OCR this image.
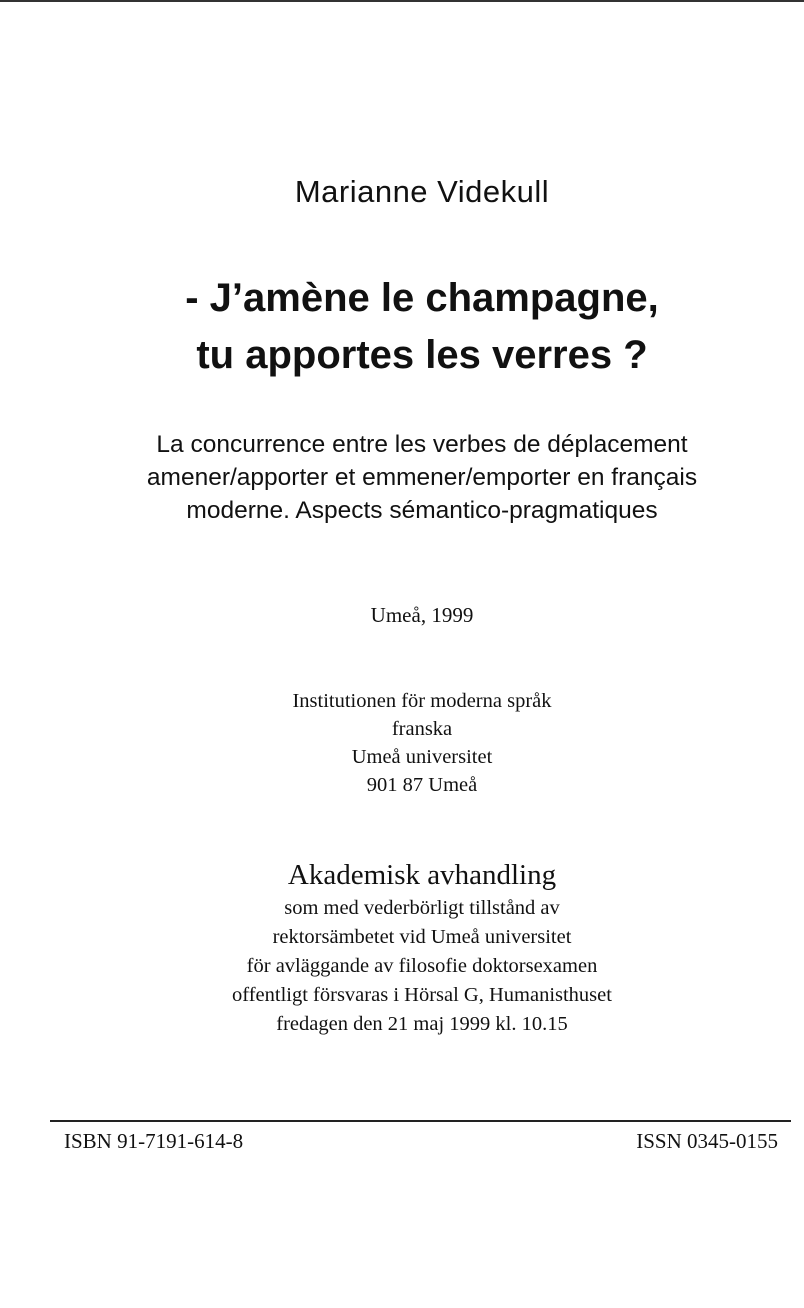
Marianne Videkull
- J’amène le champagne,
tu apportes les verres ?
La concurrence entre les verbes de déplacement
amener/apporter et emmener/emporter en français
moderne. Aspects sémantico-pragmatiques
Umeå, 1999
Institutionen för moderna språk
franska
Umeå universitet
901 87 Umeå
Akademisk avhandling
som med vederbörligt tillstånd av
rektorsämbetet vid Umeå universitet
för avläggande av filosofie doktorsexamen
offentligt försvaras i Hörsal G, Humanisthuset
fredagen den 21 maj 1999 kl. 10.15
ISBN 91-7191-614-8	ISSN 0345-0155
